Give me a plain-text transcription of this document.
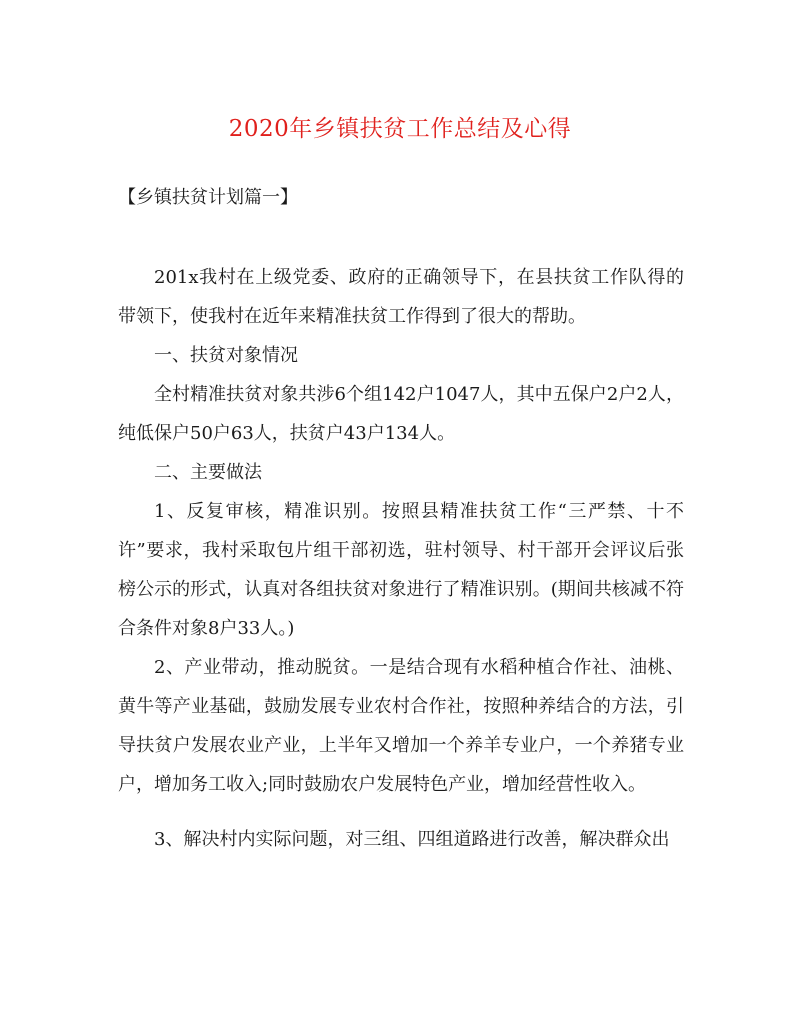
2020年乡镇扶贫工作总结及心得
【乡镇扶贫计划篇一】

201x我村在上级党委、政府的正确领导下，在县扶贫工作队得的带领下，使我村在近年来精准扶贫工作得到了很大的帮助。

一、扶贫对象情况

全村精准扶贫对象共涉6个组142户1047人，其中五保户2户2人，纯低保户50户63人，扶贫户43户134人。

二、主要做法

1、反复审核，精准识别。按照县精准扶贫工作“三严禁、十不许”要求，我村采取包片组干部初选，驻村领导、村干部开会评议后张榜公示的形式，认真对各组扶贫对象进行了精准识别。(期间共核减不符合条件对象8户33人。)

2、产业带动，推动脱贫。一是结合现有水稻种植合作社、油桃、黄牛等产业基础，鼓励发展专业农村合作社，按照种养结合的方法，引导扶贫户发展农业产业，上半年又增加一个养羊专业户，一个养猪专业户，增加务工收入;同时鼓励农户发展特色产业，增加经营性收入。

3、解决村内实际问题，对三组、四组道路进行改善，解决群众出
